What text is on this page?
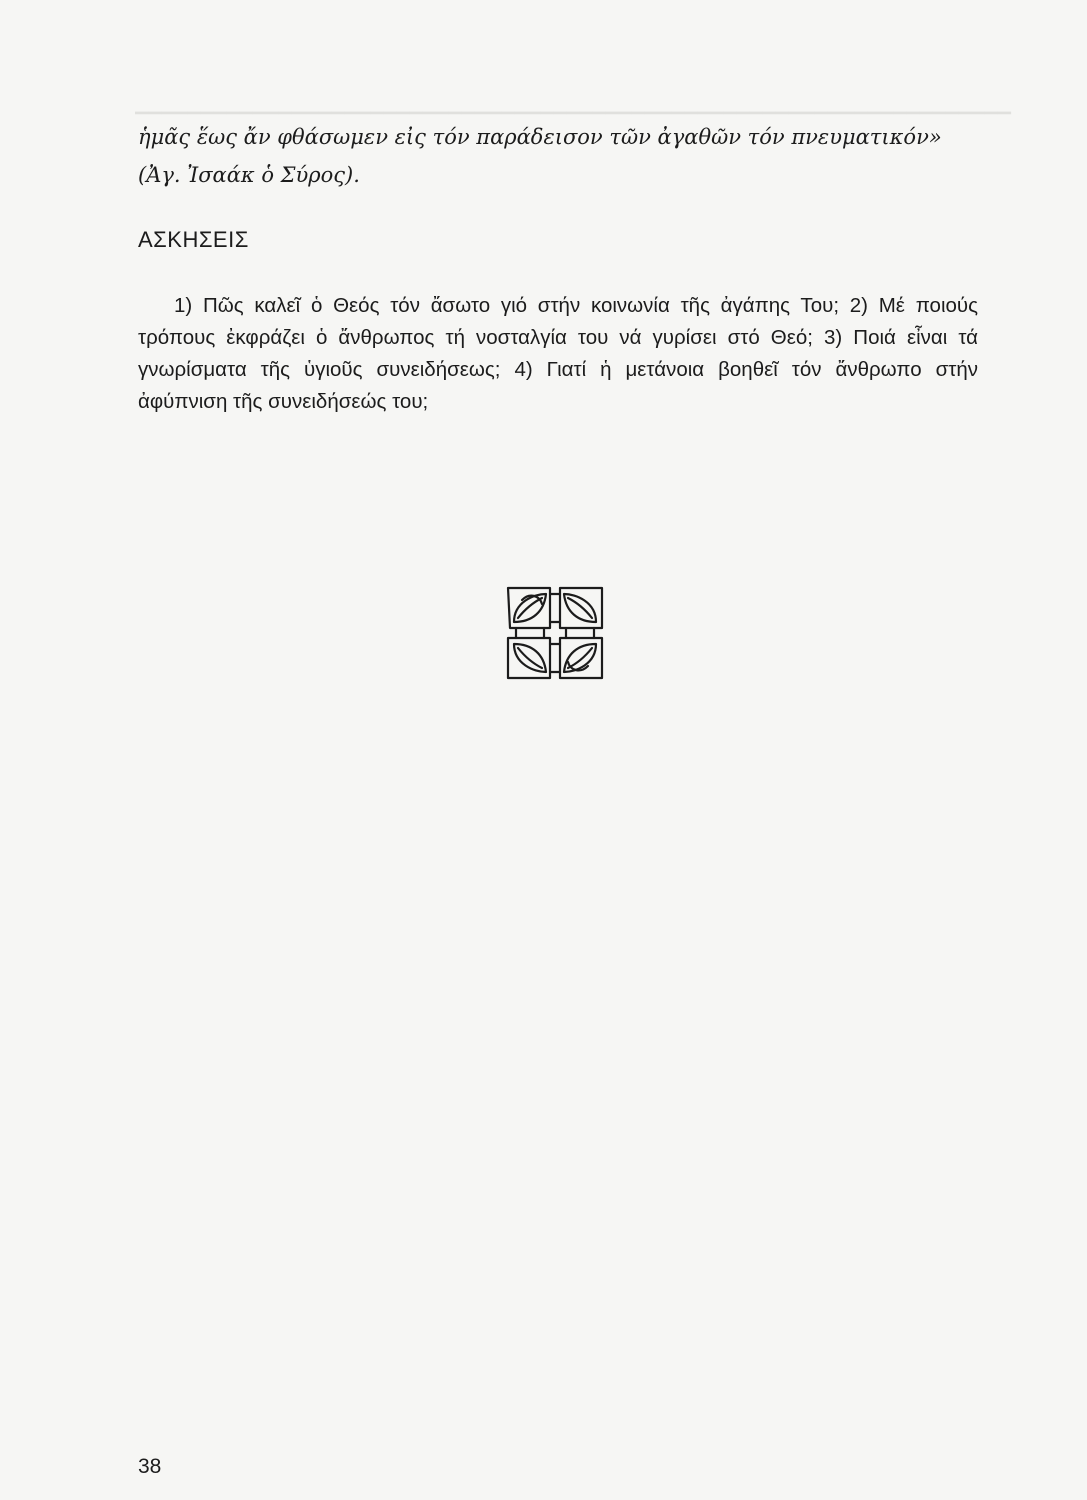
▁▁▁▁▁▁▁▁▁▁▁▁▁▁▁▁▁▁▁▁▁▁▁▁▁▁▁▁▁▁▁▁▁▁▁▁▁▁▁▁▁▁▁▁▁▁▁▁▁▁▁▁▁▁▁▁▁▁▁▁▁▁▁▁▁▁▁

ἡμᾶς ἕως ἄν φθάσωμεν εἰς τόν παράδεισον τῶν ἀγαθῶν τόν πνευματικόν»

(Ἀγ. Ἰσαάκ ὁ Σύρος).

ΑΣΚΗΣΕΙΣ

1) Πῶς καλεῖ ὁ Θεός τόν ἄσωτο γιό στήν κοινωνία τῆς ἀγάπης Του; 2) Μέ ποιούς τρόπους ἐκφράζει ὁ ἄνθρωπος τή νοσταλγία του νά γυρίσει στό Θεό; 3) Ποιά εἶναι τά γνωρίσματα τῆς ὑγιοῦς συνειδήσεως; 4) Γιατί ἡ μετάνοια βοηθεῖ τόν ἄνθρωπο στήν ἀφύπνιση τῆς συνειδήσεώς του;

38
